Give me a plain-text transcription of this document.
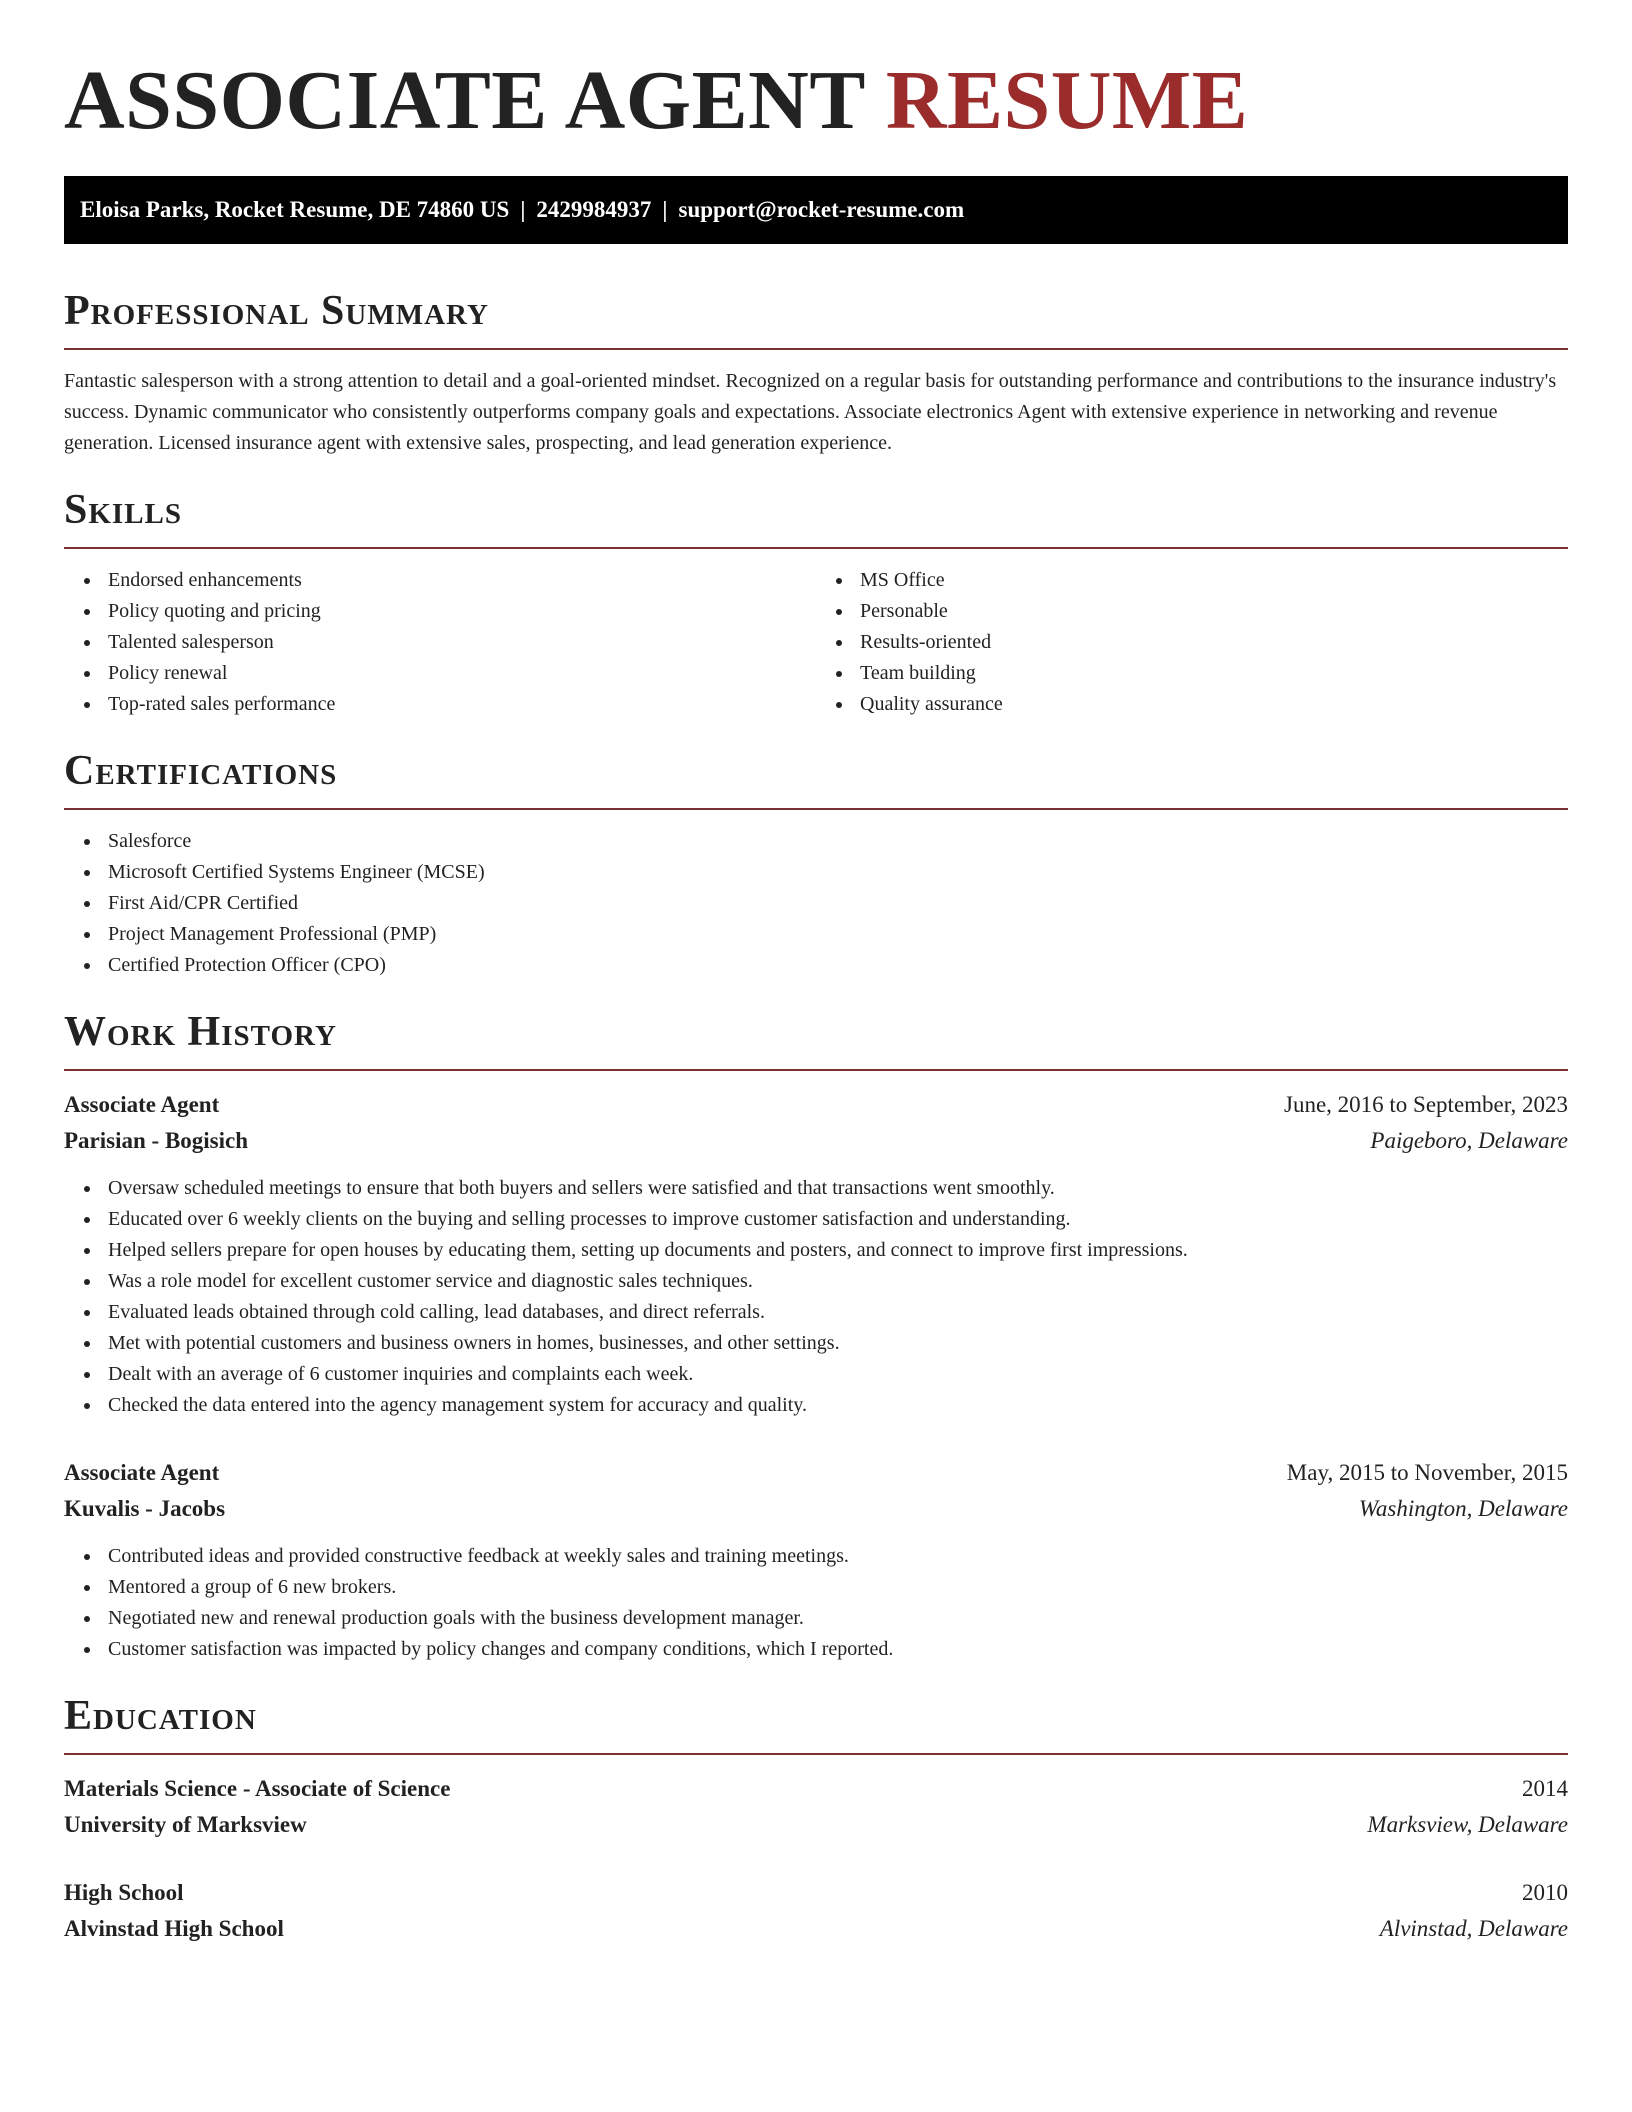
ASSOCIATE AGENT RESUME
Eloisa Parks, Rocket Resume, DE 74860 US | 2429984937 | support@rocket-resume.com
Professional Summary

Fantastic salesperson with a strong attention to detail and a goal-oriented mindset. Recognized on a regular basis for outstanding performance and contributions to the insurance industry's success. Dynamic communicator who consistently outperforms company goals and expectations. Associate electronics Agent with extensive experience in networking and revenue generation. Licensed insurance agent with extensive sales, prospecting, and lead generation experience.

Skills
Endorsed enhancements
Policy quoting and pricing
Talented salesperson
Policy renewal
Top-rated sales performance
MS Office
Personable
Results-oriented
Team building
Quality assurance
Certifications
Salesforce
Microsoft Certified Systems Engineer (MCSE)
First Aid/CPR Certified
Project Management Professional (PMP)
Certified Protection Officer (CPO)
Work History
Associate Agent	June, 2016 to September, 2023
Parisian - Bogisich	Paigeboro, Delaware
Oversaw scheduled meetings to ensure that both buyers and sellers were satisfied and that transactions went smoothly.
Educated over 6 weekly clients on the buying and selling processes to improve customer satisfaction and understanding.
Helped sellers prepare for open houses by educating them, setting up documents and posters, and connect to improve first impressions.
Was a role model for excellent customer service and diagnostic sales techniques.
Evaluated leads obtained through cold calling, lead databases, and direct referrals.
Met with potential customers and business owners in homes, businesses, and other settings.
Dealt with an average of 6 customer inquiries and complaints each week.
Checked the data entered into the agency management system for accuracy and quality.
Associate Agent	May, 2015 to November, 2015
Kuvalis - Jacobs	Washington, Delaware
Contributed ideas and provided constructive feedback at weekly sales and training meetings.
Mentored a group of 6 new brokers.
Negotiated new and renewal production goals with the business development manager.
Customer satisfaction was impacted by policy changes and company conditions, which I reported.
Education
Materials Science - Associate of Science	2014
University of Marksview	Marksview, Delaware
High School	2010
Alvinstad High School	Alvinstad, Delaware
